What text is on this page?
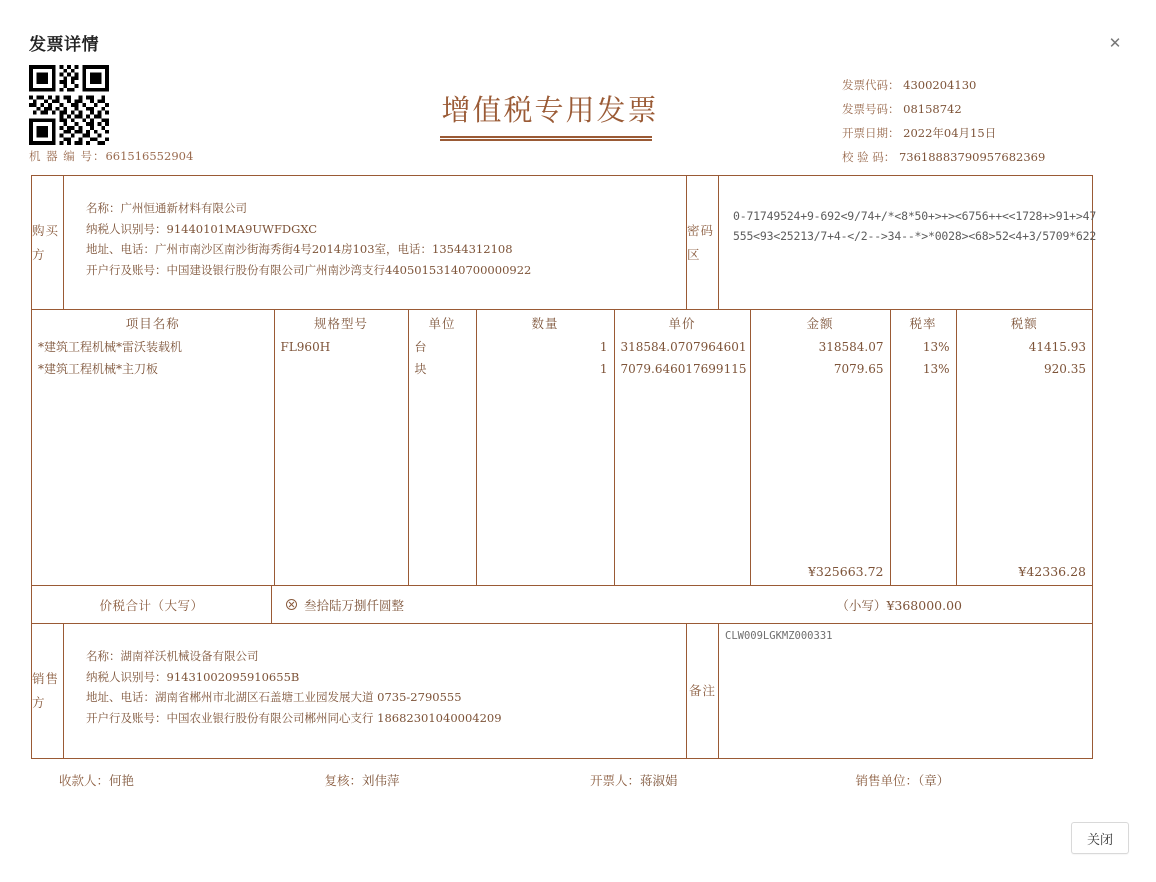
发票详情	✕
机 器 编 号：661516552904
增值税专用发票
发票代码： 4300204130
发票号码： 08158742
开票日期： 2022年04月15日
校 验 码： 73618883790957682369
购买方
名称：广州恒通新材料有限公司
纳税人识别号：91440101MA9UWFDGXC
地址、电话：广州市南沙区南沙街海秀街4号2014房103室，电话：13544312108
开户行及账号：中国建设银行股份有限公司广州南沙湾支行44050153140700000922
密码区
0-71749524+9-692<9/74+/*<8*50+>+><6756++<<1728+>91+>47
555<93<25213/7+4-</2-->34--*>*0028><68>52<4+3/5709*622
项目名称	规格型号	单位	数量	单价	金额	税率	税额
*建筑工程机械*雷沃装载机	FL960H	台	1	318584.0707964601	318584.07	13%	41415.93
*建筑工程机械*主刀板		块	1	7079.646017699115	7079.65	13%	920.35

					¥325663.72		¥42336.28
价税合计（大写）	叁拾陆万捌仟圆整	（小写）¥368000.00
销售方
名称：湖南祥沃机械设备有限公司
纳税人识别号：91431002095910655B
地址、电话：湖南省郴州市北湖区石盖塘工业园发展大道 0735-2790555
开户行及账号：中国农业银行股份有限公司郴州同心支行 18682301040004209
备注
CLW009LGKMZ000331
收款人：何艳	复核：刘伟萍	开票人：蒋淑娟	销售单位：（章）
关闭
